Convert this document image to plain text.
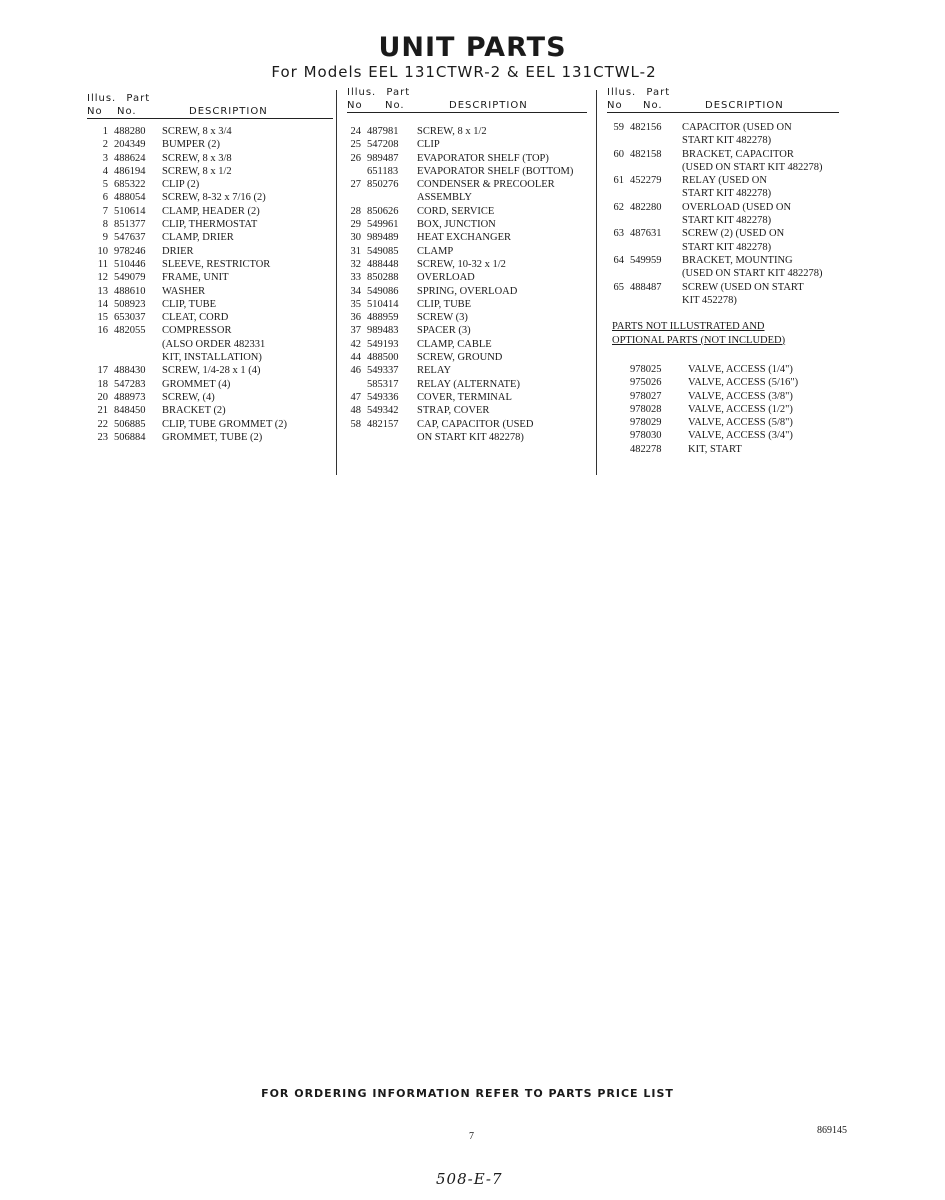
UNIT PARTS
For Models EEL 131CTWR-2 & EEL 131CTWL-2
Illus. Part
No	No.	DESCRIPTION
1 488280	SCREW, 8 x 3/4
2 204349	BUMPER (2)
3 488624	SCREW, 8 x 3/8
4 486194	SCREW, 8 x 1/2
5 685322	CLIP (2)
6 488054	SCREW, 8-32 x 7/16 (2)
7 510614	CLAMP, HEADER (2)
8 851377	CLIP, THERMOSTAT
9 547637	CLAMP, DRIER
10 978246	DRIER
11 510446	SLEEVE, RESTRICTOR
12 549079	FRAME, UNIT
13 488610	WASHER
14 508923	CLIP, TUBE
15 653037	CLEAT, CORD
16 482055	COMPRESSOR
(ALSO ORDER 482331
KIT, INSTALLATION)
17 488430	SCREW, 1/4-28 x 1 (4)
18 547283	GROMMET (4)
20 488973	SCREW, (4)
21 848450	BRACKET (2)
22 506885	CLIP, TUBE GROMMET (2)
23 506884	GROMMET, TUBE (2)
Illus. Part
No	No.	DESCRIPTION
24 487981	SCREW, 8 x 1/2
25 547208	CLIP
26 989487	EVAPORATOR SHELF (TOP)
651183	EVAPORATOR SHELF (BOTTOM)
27 850276	CONDENSER & PRECOOLER
ASSEMBLY
28 850626	CORD, SERVICE
29 549961	BOX, JUNCTION
30 989489	HEAT EXCHANGER
31 549085	CLAMP
32 488448	SCREW, 10-32 x 1/2
33 850288	OVERLOAD
34 549086	SPRING, OVERLOAD
35 510414	CLIP, TUBE
36 488959	SCREW (3)
37 989483	SPACER (3)
42 549193	CLAMP, CABLE
44 488500	SCREW, GROUND
46 549337	RELAY
585317	RELAY (ALTERNATE)
47 549336	COVER, TERMINAL
48 549342	STRAP, COVER
58 482157	CAP, CAPACITOR (USED
ON START KIT 482278)
Illus. Part
No	No.	DESCRIPTION
59 482156	CAPACITOR (USED ON
START KIT 482278)
60 482158	BRACKET, CAPACITOR
(USED ON START KIT 482278)
61 452279	RELAY (USED ON
START KIT 482278)
62 482280	OVERLOAD (USED ON
START KIT 482278)
63 487631	SCREW (2) (USED ON
START KIT 482278)
64 549959	BRACKET, MOUNTING
(USED ON START KIT 482278)
65 488487	SCREW (USED ON START
KIT 452278)
PARTS NOT ILLUSTRATED AND
OPTIONAL PARTS (NOT INCLUDED)
978025	VALVE, ACCESS (1/4")
975026	VALVE, ACCESS (5/16")
978027	VALVE, ACCESS (3/8")
978028	VALVE, ACCESS (1/2")
978029	VALVE, ACCESS (5/8")
978030	VALVE, ACCESS (3/4")
482278	KIT, START
FOR ORDERING INFORMATION REFER TO PARTS PRICE LIST
7
869145
508-E-7
